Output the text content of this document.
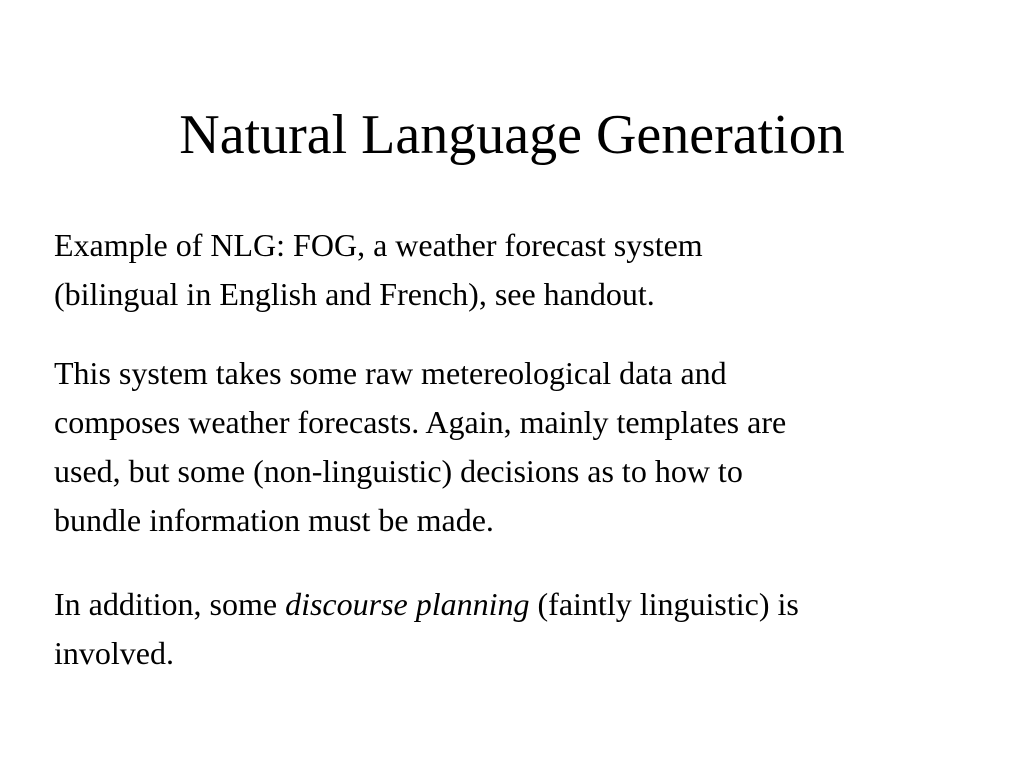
Natural Language Generation

Example of NLG: FOG, a weather forecast system
(bilingual in English and French), see handout.

This system takes some raw metereological data and
composes weather forecasts. Again, mainly templates are
used, but some (non-linguistic) decisions as to how to
bundle information must be made.

In addition, some discourse planning (faintly linguistic) is
involved.
